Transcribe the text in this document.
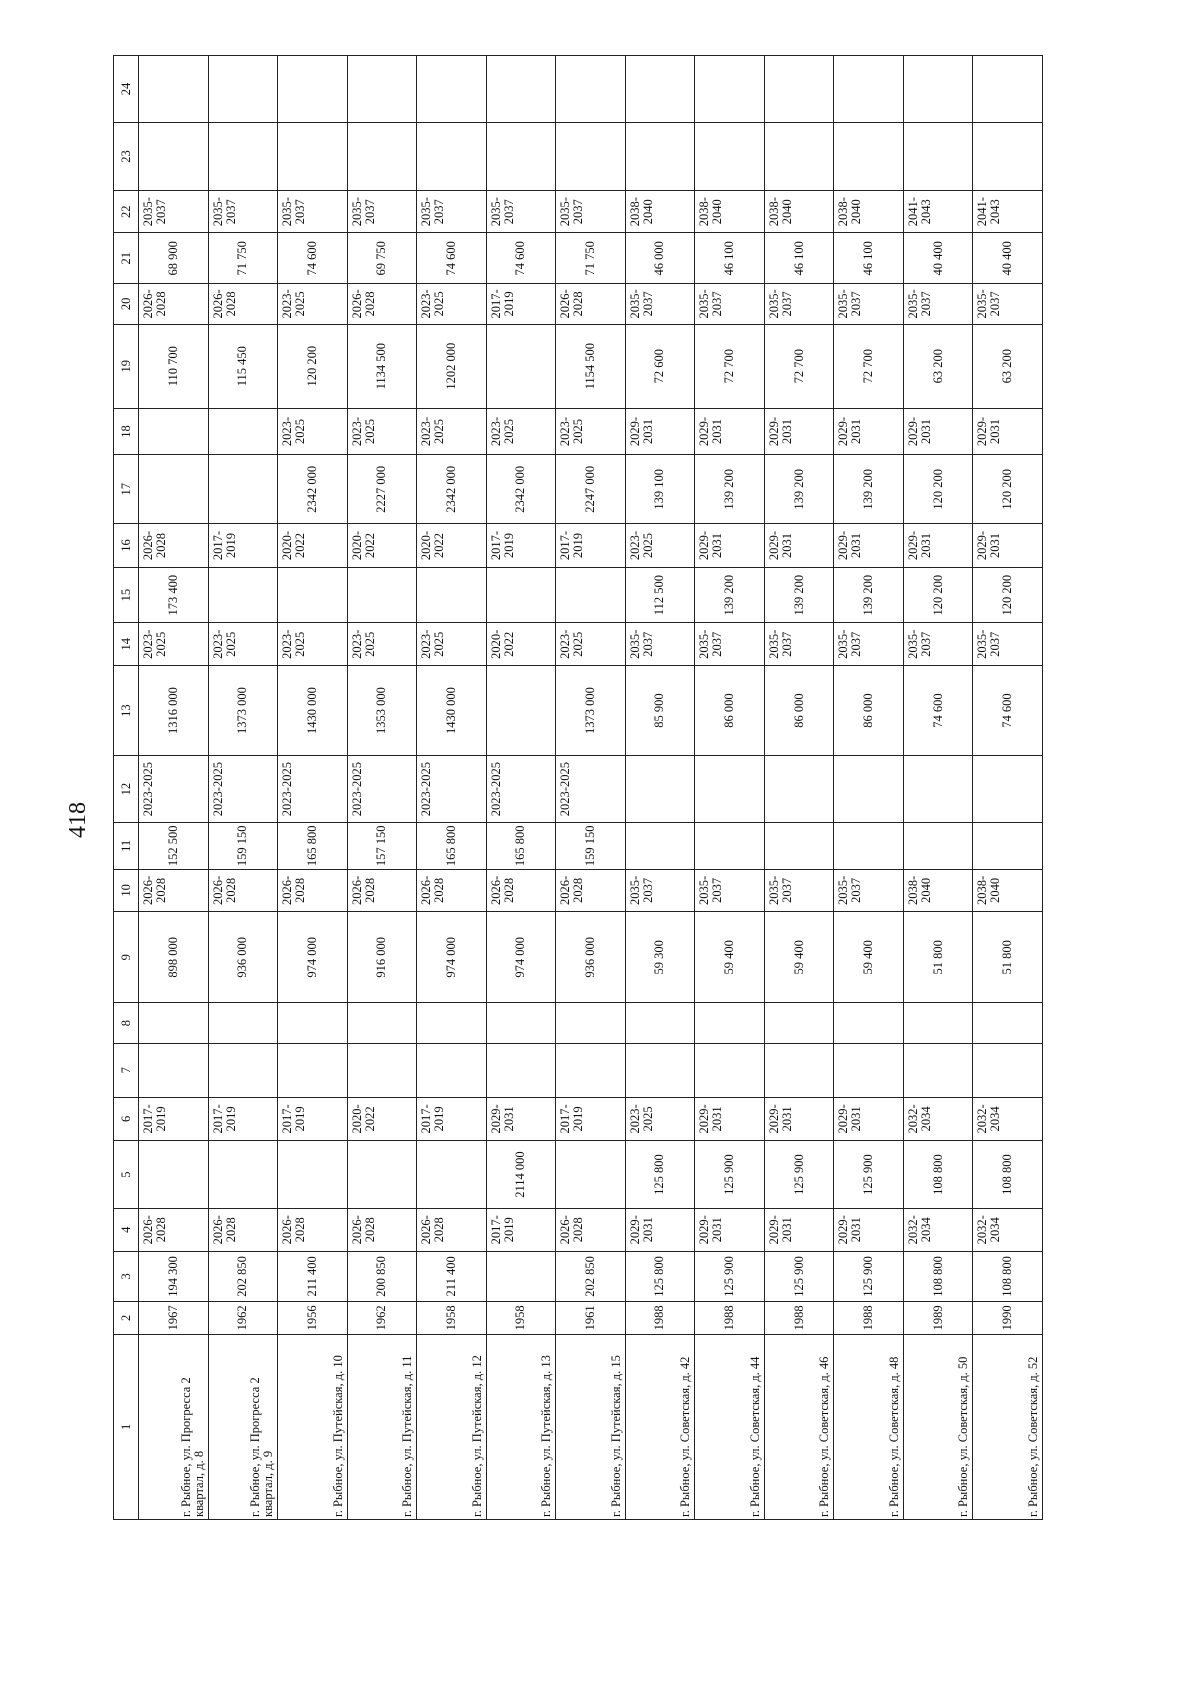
418
1	2	3	4	5	6	7	8	9	10	11	12	13	14	15	16	17	18	19	20	21	22	23	24
г. Рыбное, ул. Прогресса 2 квартал, д. 8	1967	194 300	2026-2028		2017-2019			898 000	2026-2028	152 500	2023-2025	1316 000	2023-2025	173 400	2026-2028			110 700	2026-2028	68 900	2035-2037		
г. Рыбное, ул. Прогресса 2 квартал, д. 9	1962	202 850	2026-2028		2017-2019			936 000	2026-2028	159 150	2023-2025	1373 000	2023-2025		2017-2019			115 450	2026-2028	71 750	2035-2037		
г. Рыбное, ул. Путейская, д. 10	1956	211 400	2026-2028		2017-2019			974 000	2026-2028	165 800	2023-2025	1430 000	2023-2025		2020-2022	2342 000	2023-2025	120 200	2023-2025	74 600	2035-2037		
г. Рыбное, ул. Путейская, д. 11	1962	200 850	2026-2028		2020-2022			916 000	2026-2028	157 150	2023-2025	1353 000	2023-2025		2020-2022	2227 000	2023-2025	1134 500	2026-2028	69 750	2035-2037		
г. Рыбное, ул. Путейская, д. 12	1958	211 400	2026-2028		2017-2019			974 000	2026-2028	165 800	2023-2025	1430 000	2023-2025		2020-2022	2342 000	2023-2025	1202 000	2023-2025	74 600	2035-2037		
г. Рыбное, ул. Путейская, д. 13	1958		2017-2019	2114 000	2029-2031			974 000	2026-2028	165 800	2023-2025		2020-2022		2017-2019	2342 000	2023-2025		2017-2019	74 600	2035-2037		
г. Рыбное, ул. Путейская, д. 15	1961	202 850	2026-2028		2017-2019			936 000	2026-2028	159 150	2023-2025	1373 000	2023-2025		2017-2019	2247 000	2023-2025	1154 500	2026-2028	71 750	2035-2037		
г. Рыбное, ул. Советская, д. 42	1988	125 800	2029-2031	125 800	2023-2025			59 300	2035-2037			85 900	2035-2037	112 500	2023-2025	139 100	2029-2031	72 600	2035-2037	46 000	2038-2040		
г. Рыбное, ул. Советская, д. 44	1988	125 900	2029-2031	125 900	2029-2031			59 400	2035-2037			86 000	2035-2037	139 200	2029-2031	139 200	2029-2031	72 700	2035-2037	46 100	2038-2040		
г. Рыбное, ул. Советская, д. 46	1988	125 900	2029-2031	125 900	2029-2031			59 400	2035-2037			86 000	2035-2037	139 200	2029-2031	139 200	2029-2031	72 700	2035-2037	46 100	2038-2040		
г. Рыбное, ул. Советская, д. 48	1988	125 900	2029-2031	125 900	2029-2031			59 400	2035-2037			86 000	2035-2037	139 200	2029-2031	139 200	2029-2031	72 700	2035-2037	46 100	2038-2040		
г. Рыбное, ул. Советская, д. 50	1989	108 800	2032-2034	108 800	2032-2034			51 800	2038-2040			74 600	2035-2037	120 200	2029-2031	120 200	2029-2031	63 200	2035-2037	40 400	2041-2043		
г. Рыбное, ул. Советская, д. 52	1990	108 800	2032-2034	108 800	2032-2034			51 800	2038-2040			74 600	2035-2037	120 200	2029-2031	120 200	2029-2031	63 200	2035-2037	40 400	2041-2043		
